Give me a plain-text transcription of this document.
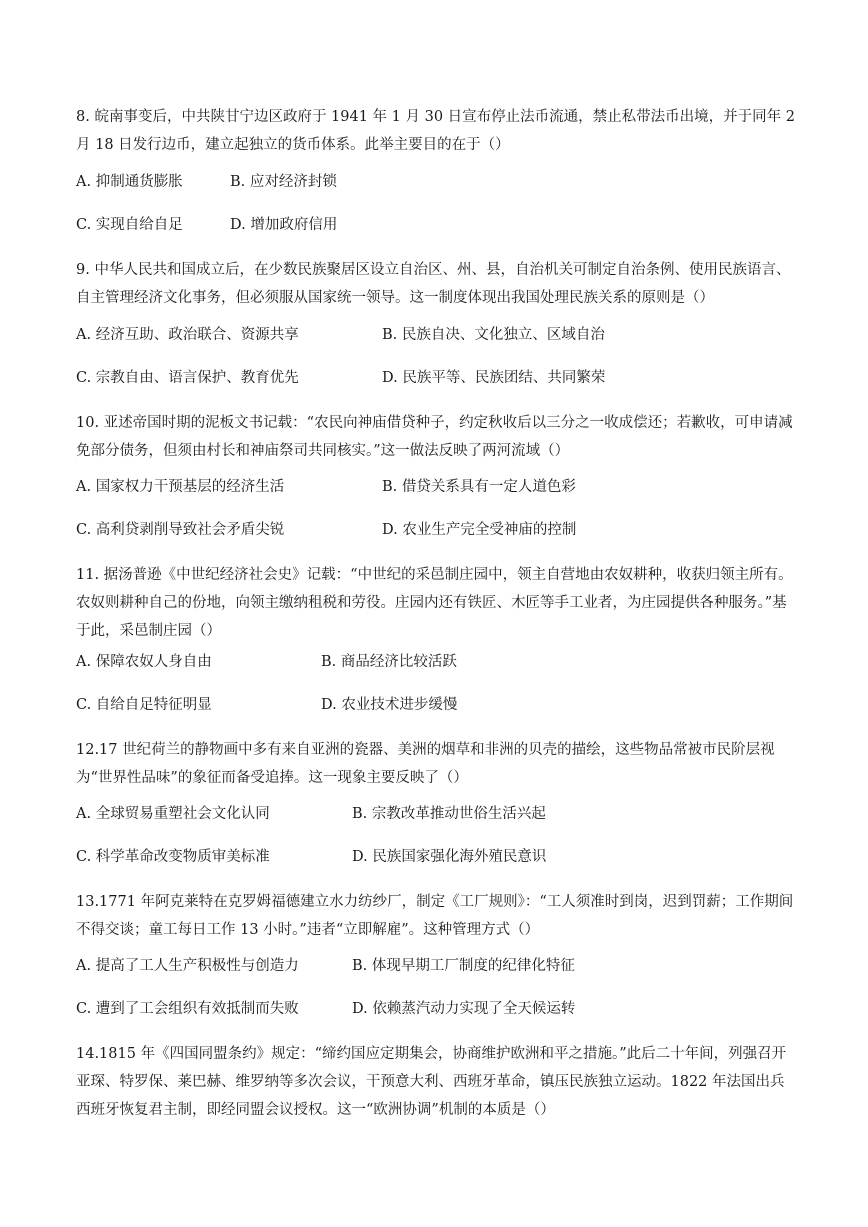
8. 皖南事变后，中共陕甘宁边区政府于 1941 年 1 月 30 日宣布停止法币流通，禁止私带法币出境，并于同年 2 月 18 日发行边币，建立起独立的货币体系。此举主要目的在于（）

A. 抑制通货膨胀	B. 应对经济封锁
C. 实现自给自足	D. 增加政府信用

9. 中华人民共和国成立后，在少数民族聚居区设立自治区、州、县，自治机关可制定自治条例、使用民族语言、自主管理经济文化事务，但必须服从国家统一领导。这一制度体现出我国处理民族关系的原则是（）

A. 经济互助、政治联合、资源共享	B. 民族自决、文化独立、区域自治
C. 宗教自由、语言保护、教育优先	D. 民族平等、民族团结、共同繁荣

10. 亚述帝国时期的泥板文书记载：“农民向神庙借贷种子，约定秋收后以三分之一收成偿还；若歉收，可申请减免部分债务，但须由村长和神庙祭司共同核实。”这一做法反映了两河流域（）

A. 国家权力干预基层的经济生活	B. 借贷关系具有一定人道色彩
C. 高利贷剥削导致社会矛盾尖锐	D. 农业生产完全受神庙的控制

11. 据汤普逊《中世纪经济社会史》记载：“中世纪的采邑制庄园中，领主自营地由农奴耕种，收获归领主所有。农奴则耕种自己的份地，向领主缴纳租税和劳役。庄园内还有铁匠、木匠等手工业者，为庄园提供各种服务。”基于此，采邑制庄园（）

A. 保障农奴人身自由	B. 商品经济比较活跃
C. 自给自足特征明显	D. 农业技术进步缓慢

12.17 世纪荷兰的静物画中多有来自亚洲的瓷器、美洲的烟草和非洲的贝壳的描绘，这些物品常被市民阶层视为“世界性品味”的象征而备受追捧。这一现象主要反映了（）

A. 全球贸易重塑社会文化认同	B. 宗教改革推动世俗生活兴起
C. 科学革命改变物质审美标准	D. 民族国家强化海外殖民意识

13.1771 年阿克莱特在克罗姆福德建立水力纺纱厂，制定《工厂规则》：“工人须准时到岗，迟到罚薪；工作期间不得交谈；童工每日工作 13 小时。”违者“立即解雇”。这种管理方式（）

A. 提高了工人生产积极性与创造力	B. 体现早期工厂制度的纪律化特征
C. 遭到了工会组织有效抵制而失败	D. 依赖蒸汽动力实现了全天候运转

14.1815 年《四国同盟条约》规定：“缔约国应定期集会，协商维护欧洲和平之措施。”此后二十年间，列强召开亚琛、特罗保、莱巴赫、维罗纳等多次会议，干预意大利、西班牙革命，镇压民族独立运动。1822 年法国出兵西班牙恢复君主制，即经同盟会议授权。这一“欧洲协调”机制的本质是（）
